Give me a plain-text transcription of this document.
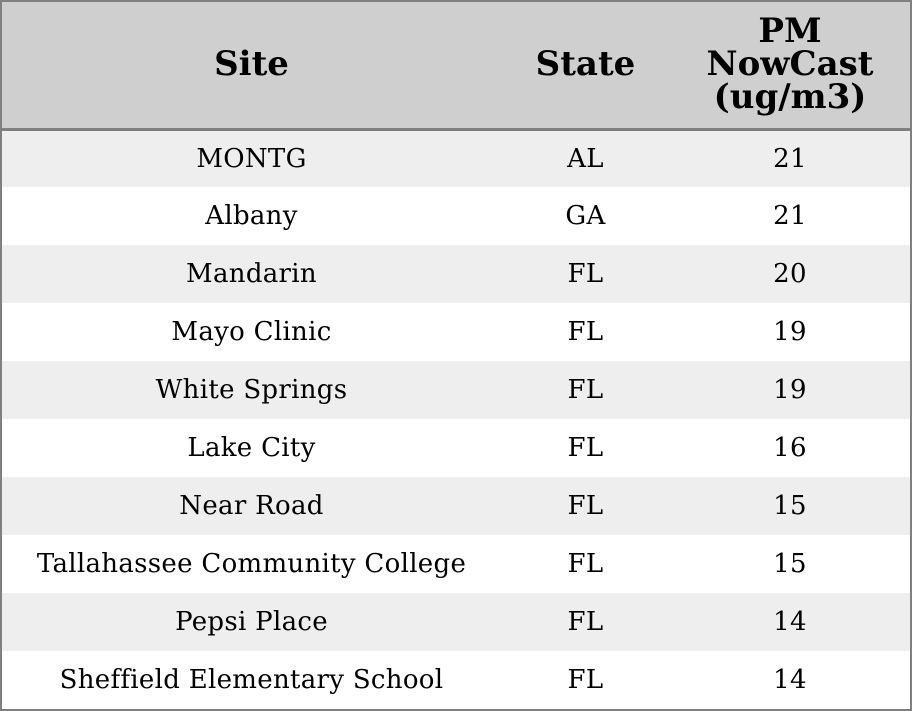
Site	State	PM
NowCast
(ug/m3)
MONTG	AL	21
Albany	GA	21
Mandarin	FL	20
Mayo Clinic	FL	19
White Springs	FL	19
Lake City	FL	16
Near Road	FL	15
Tallahassee Community College	FL	15
Pepsi Place	FL	14
Sheffield Elementary School	FL	14
